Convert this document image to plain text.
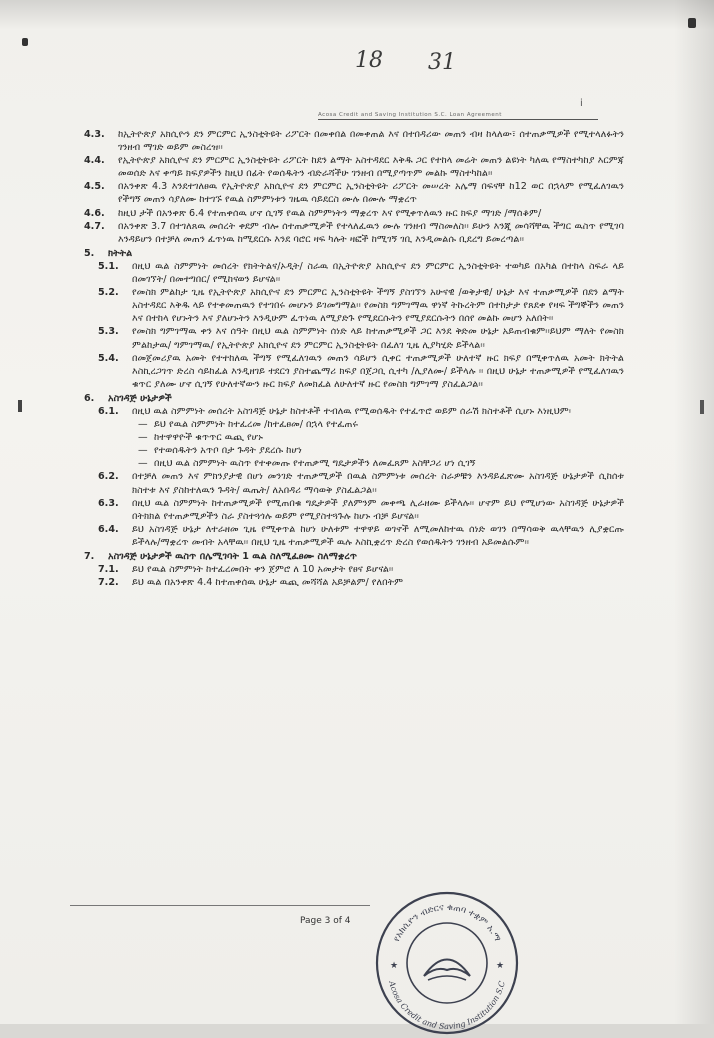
18 31
i
Acosa Credit and Saving Institution S.C. Loan Agreement
4.3. ከኢትዮጵያ አክሲዮን ደን ምርምር ኢንስቲትዩት ሪፖርት በመቀበል በመቀጠል እና በተበዳሪው መጠን ብዛ ከላለው፣ ሰተጠቃሚዎች የሚተላለፉትን ገንዘብ ማገድ ወይም መስረዝ፡፡
4.4. የኢትዮጵያ አክሲዮና ደን ምርምር ኢንስቲትዩት ሪፖርት ከደን ልማት አስተዳደር እቅዱ ጋር የተከላ መሬት መጠን ልዩነት ካለዉ የማስተካከያ እርምጃ መወሰድ እና ቀጣይ ክፍያዎችን ከዚህ በፊት የወሰዱትን ብድራሻችሁ ገንዘብ በሚያጣጥም መልኩ ማስተካከል፡፡
4.5. በአንቀጽ 4.3 እንደተገለፀዉ የኢትዮጵያ አክሲዮና ደን ምርምር ኢንስቲትዩት ሪፖርት መሠረት አሌማ በፍናቸ ከ12 ወር በኋላም የሚፈለገዉን የችግኝ መጠን ሳያለሙ ከተገኙ የዉል ስምምነቱን ገዜዉ ሳይደርስ ሙሉ በሙሉ ማቋረጥ
4.6. ከዚህ ታች በአንቀጽ 6.4 የተጠቀሰዉ ሆኖ ሲገኝ የዉል ስምምነትን ማቋረጥ እና የሚቀጥለዉን ዙር ክፍያ ማገድ /ማሰቆም/
4.7. በአንቀጽ 3.7 በተገለጸዉ መሰረት ቀደም ብሎ ሰተጠቃሚዎች የተላለፈዉን ሙሉ ገንዘብ ማስመለስ፡፡ ይሁን እንጂ መሳሻቸዉ ችግር ዉስጥ የሚገባ እንዳይሆን በተቻለ መጠን ፈጥነዉ ከሚደርሱ እንደ ባሮር ዛፍ ካሉት ዛፎች ከሚገኝ ገቢ እንዲመልሱ ቢደረግ ይመረጣል፡፡
5. ክትትል
5.1. በዚህ ዉል ስምምነት መሰረት የክትትልና/ኦዲት/ ስራዉ በኢትዮጵያ አክሲዮና ደን ምርምር ኢንስቲትዩት ተወካይ በአካል በተከላ ስፍራ ላይ በመገኘት/ በመተግበር/ የሚከናወን ይሆናል፡፡
5.2. የመስክ ምልከታ ጊዜ የኢትዮጵያ አክሲዮና ደን ምርምር ኢንስቲትዩት ችግኝ ያስገኘን አሁናዊ /ወቅታዊ/ ሁኔታ እና ተጠቃሚዎች በደን ልማት አስተዳደር እቅዱ ላይ የተቀመጠዉን የተገበሩ መሆኑን ይገመግማል፡፡ የመስክ ግምገማዉ ዋነኛ ትኩረትም በተከታታ የጸደቀ የዛፍ ችግኞችን መጠን እና በተከላ የሆኑትን እና ያለሆኑትን እንዲሁም ፈጥነዉ ለሚያድጉ የሚደርሱትን የሚያደርሱትን በሰየ መልኩ መሆን አለበት፡፡
5.3. የመስክ ግምገማዉ ቀን እና ሰዓት በዚህ ዉል ስምምነት ሰነድ ላይ ከተጠቃሚዎች ጋር እንደ ቅድመ ሁኔታ አይጠብቁም፡፡ይህም ማለት የመስክ ምልከታዉ/ ግምገማዉ/ የኢትዮጵያ አክሲዮና ደን ምርምር ኢንስቲትዩት በፈለገ ጊዜ ሊያካሂድ ይችላል፡፡
5.4. በመጀመሪያዉ አመት የተተከለዉ ችግኝ የሚፈለገዉን መጠን ሳይሆን ሲቀር ተጠቃሚዎች ሁለተኛ ዙር ክፍያ በሚቀጥለዉ አመት ክትትል እስኪረጋገጥ ድረስ ሳይከፈል እንዲዘገይ ተደርጎ ያስተጨማሪ ክፍያ በጀጋቢ ሲተካ /ሊያለሙ/ ይችላሉ ፡፡ በዚህ ሁኔታ ተጠቃሚዎች የሚፈለገዉን ቁጥር ያለሙ ሆኖ ሲገኝ የሁለተኛውን ዙር ክፍያ ለመክፈል ለሁለተኛ ዙር የመስክ ግምገማ ያስፈልጋል፡፡
6. አስገዳጅ ሁኔታዎች
6.1. በዚህ ዉል ስምምነት መሰረት አስገዳጅ ሁኔታ ከስተቶች ተብለዉ የሚወሰዱት የተፈጥሮ ወይም ሰራሽ ክስተቶች ሲሆኑ እነዚህም፡
— ይህ የዉል ስምምነት ከተፈረመ /ከተፈፀመ/ በኋላ የተፈጠሩ
— ከተዋዋዮች ቁጥጥር ዉጪ የሆኑ
— የተወሰዱትን አጥቦ በታ ጉዳት ያደረሱ ከሆነ
— በዚህ ዉል ስምምነት ዉስጥ የተቀመጡ የተጠቃሚ ግዴታዎችን ለመፈጸም አስቸጋሪ ሆነ ሲገኝ
6.2. በተቻለ መጠን እና ምክንያታዊ በሆነ መንገድ ተጠቃሚዎች በዉል ስምምነቱ መሰረት ስራዎቹን እንዳይፈጽሙ አስገዳጅ ሁኔታዎች ሲከሰቱ ክስተቱ እና ያስከተለዉን ጉዳት/ ዉጤት/ ለአበዳሪ ማሳወቅ ያስፈልጋል፡፡
6.3. በዚህ ዉል ስምምነት ከተጠቃሚዎች የሚጠበቁ ግዴታዎች ያለምንም መቀጫ ሊራዘሙ ይችላሉ፡፡ ሆኖም ይህ የሚሆነው አስገዳጅ ሁኔታዎች በትክክል የተጠቃሚዎችን ስራ ያስተጓጎሉ ወይም የሚያስተጓጉሉ ከሆኑ ብቻ ይሆናል፡፡
6.4. ይህ አስገዳጅ ሁኔታ ለተራዘመ ጊዜ የሚቀጥል ከሆነ ሁለቱም ተዋዋይ ወገኖች ለሚመለከተዉ ሰነድ ወገን በማሳወቅ ዉላቸዉን ሊያቋርጡ ይችላሉ/ማቋረጥ መብት አላቸዉ፡፡ በዚህ ጊዜ ተጠቃሚዎች ዉሉ እስኪቋረጥ ድረስ የወሰዱትን ገንዘብ አይመልሱም፡፡
7. አስገዳጅ ሁኔታዎች ዉስጥ በሌሚገባት 1 ዉል ስለሚፈፀሙ ስለማቋረጥ
7.1. ይህ የዉል ስምምነት ከተፈረመበት ቀን ጀምሮ ለ 10 አመታት የፀና ይሆናል፡፡
7.2. ይህ ዉል በአንቀጽ 4.4 ከተጠቀሰዉ ሁኔታ ዉጪ መሻሻል አይቻልም/ የለበትም
Page 3 of 4
የአክሲዮን ብድርና ቁጠባ ተቋም አ.ማ
Acosa Credit and Saving Institution S.C
★	★
